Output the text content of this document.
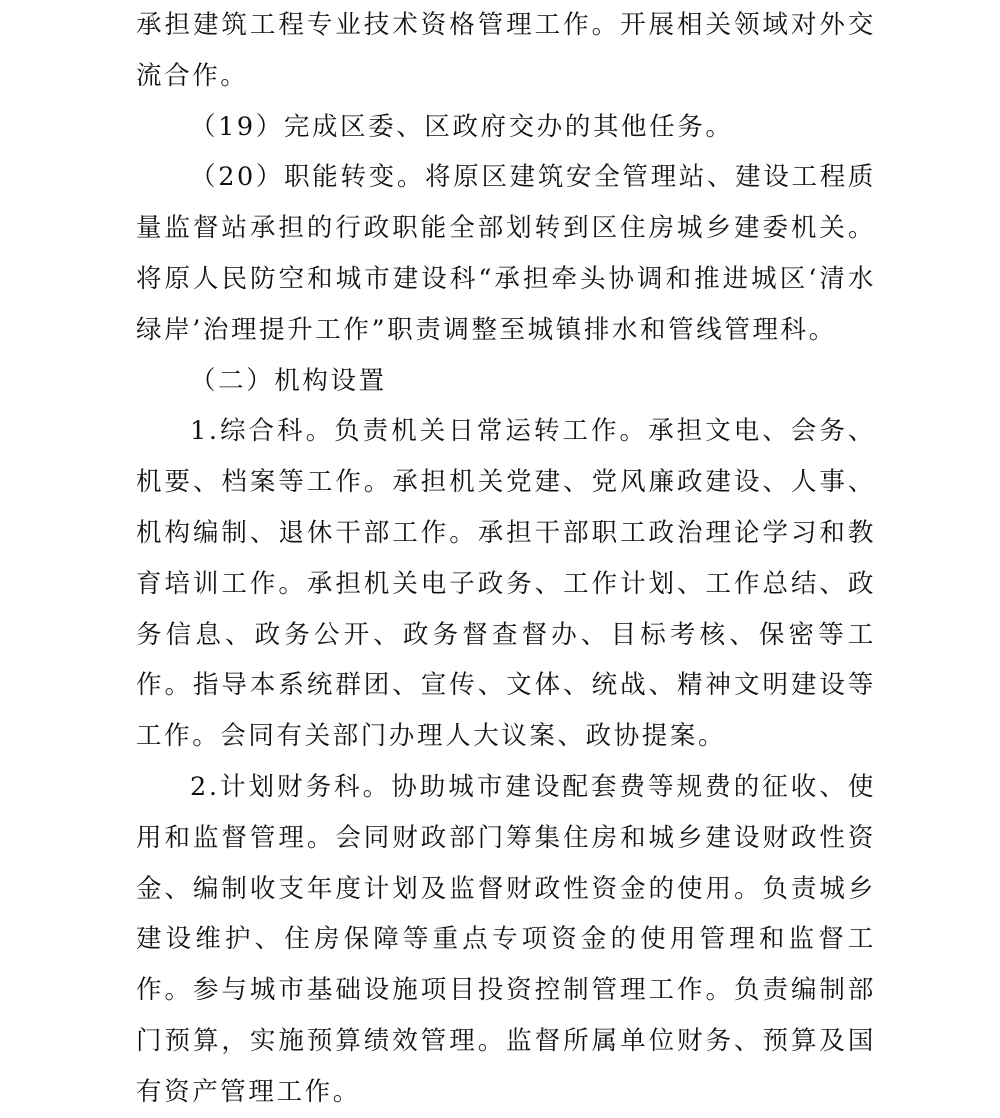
承担建筑工程专业技术资格管理工作。开展相关领域对外交流合作。

（19）完成区委、区政府交办的其他任务。

（20）职能转变。将原区建筑安全管理站、建设工程质量监督站承担的行政职能全部划转到区住房城乡建委机关。将原人民防空和城市建设科“承担牵头协调和推进城区‘清水绿岸’治理提升工作”职责调整至城镇排水和管线管理科。

（二）机构设置

1.综合科。负责机关日常运转工作。承担文电、会务、机要、档案等工作。承担机关党建、党风廉政建设、人事、机构编制、退休干部工作。承担干部职工政治理论学习和教育培训工作。承担机关电子政务、工作计划、工作总结、政务信息、政务公开、政务督查督办、目标考核、保密等工作。指导本系统群团、宣传、文体、统战、精神文明建设等工作。会同有关部门办理人大议案、政协提案。

2.计划财务科。协助城市建设配套费等规费的征收、使用和监督管理。会同财政部门筹集住房和城乡建设财政性资金、编制收支年度计划及监督财政性资金的使用。负责城乡建设维护、住房保障等重点专项资金的使用管理和监督工作。参与城市基础设施项目投资控制管理工作。负责编制部门预算，实施预算绩效管理。监督所属单位财务、预算及国有资产管理工作。
